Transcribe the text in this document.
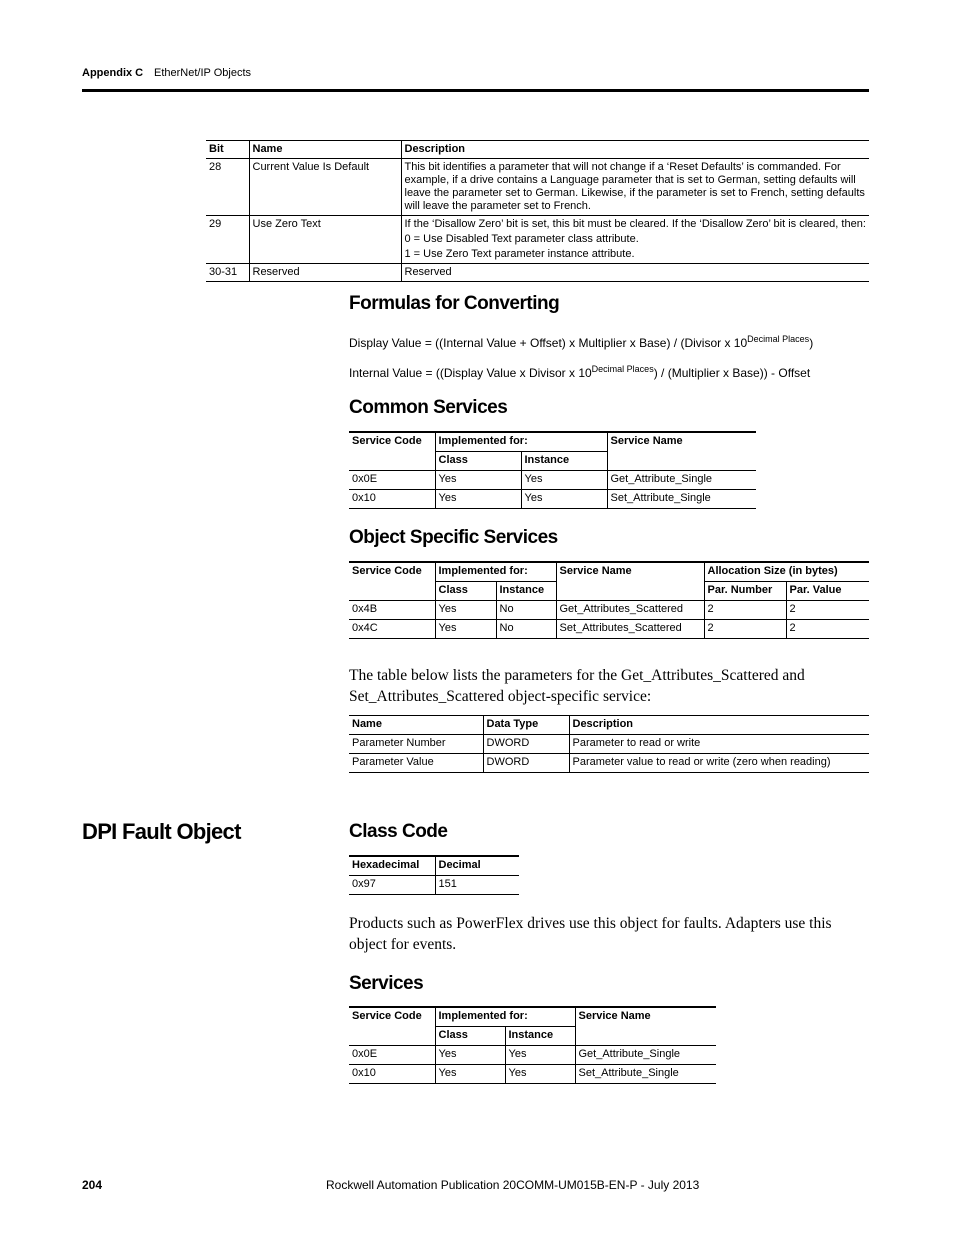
Appendix C EtherNet/IP Objects
Bit	Name	Description
28	Current Value Is Default	This bit identifies a parameter that will not change if a ‘Reset Defaults’ is commanded. For example, if a drive contains a Language parameter that is set to German, setting defaults will leave the parameter set to German. Likewise, if the parameter is set to French, setting defaults will leave the parameter set to French.
29	Use Zero Text	If the ‘Disallow Zero’ bit is set, this bit must be cleared. If the ‘Disallow Zero’ bit is cleared, then:
0 = Use Disabled Text parameter class attribute.
1 = Use Zero Text parameter instance attribute.

30-31	Reserved	Reserved
Formulas for Converting
Display Value = ((Internal Value + Offset) x Multiplier x Base) / (Divisor x $10^{Decimal Places}$)
Internal Value = ((Display Value x Divisor x $10^{Decimal Places}$) / (Multiplier x Base)) - Offset
Common Services
Service Code	Implemented for:		Service Name
	Class	Instance	
0x0E	Yes	Yes	Get_Attribute_Single
0x10	Yes	Yes	Set_Attribute_Single
Object Specific Services
Service Code	Implemented for:		Service Name	Allocation Size (in bytes)	
	Class	Instance		Par. Number	Par. Value
0x4B	Yes	No	Get_Attributes_Scattered	2	2
0x4C	Yes	No	Set_Attributes_Scattered	2	2
The table below lists the parameters for the Get_Attributes_Scattered and Set_Attributes_Scattered object-specific service:
Name	Data Type	Description
Parameter Number	DWORD	Parameter to read or write
Parameter Value	DWORD	Parameter value to read or write (zero when reading)
DPI Fault Object	Class Code
Hexadecimal	Decimal
0x97	151
Products such as PowerFlex drives use this object for faults. Adapters use this object for events.
Services
Service Code	Implemented for:		Service Name
	Class	Instance	
0x0E	Yes	Yes	Get_Attribute_Single
0x10	Yes	Yes	Set_Attribute_Single
204	Rockwell Automation Publication 20COMM-UM015B-EN-P - July 2013
